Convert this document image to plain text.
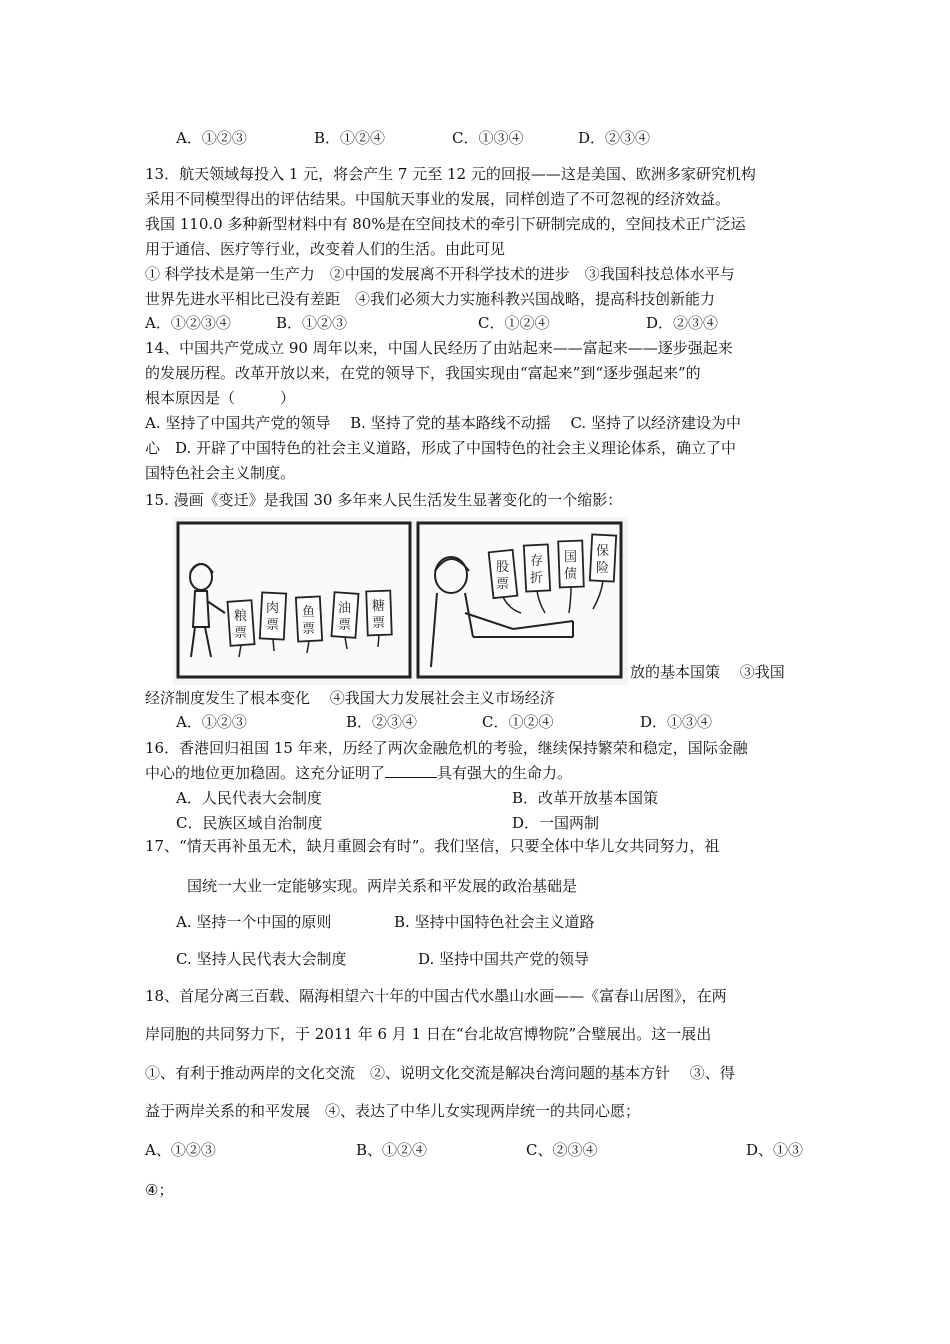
A．①②③	B．①②④	C．①③④	D．②③④
13．航天领域每投入 1 元，将会产生 7 元至 12 元的回报——这是美国、欧洲多家研究机构
采用不同模型得出的评估结果。中国航天事业的发展，同样创造了不可忽视的经济效益。
我国 110.0 多种新型材料中有 80%是在空间技术的牵引下研制完成的，空间技术正广泛运
用于通信、医疗等行业，改变着人们的生活。由此可见
① 科学技术是第一生产力　②中国的发展离不开科学技术的进步　③我国科技总体水平与
世界先进水平相比已没有差距　④我们必须大力实施科教兴国战略，提高科技创新能力
A．①②③④	B．①②③	C．①②④	D．②③④
14、中国共产党成立 90 周年以来，中国人民经历了由站起来——富起来——逐步强起来
的发展历程。改革开放以来，在党的领导下，我国实现由“富起来”到“逐步强起来”的
根本原因是（　　　）
A. 坚持了中国共产党的领导　 B. 坚持了党的基本路线不动摇　 C. 坚持了以经济建设为中
心　D. 开辟了中国特色的社会主义道路，形成了中国特色的社会主义理论体系，确立了中
国特色社会主义制度。
15. 漫画《变迁》是我国 30 多年来人民生活发生显著变化的一个缩影：
粮
票
肉
票
鱼
票
油
票
糖
票
股
票
存
折
国
债
保
险
放的基本国策　 ③我国
经济制度发生了根本变化　 ④我国大力发展社会主义市场经济
A．①②③	B．②③④	C．①②④	D．①③④
16．香港回归祖国 15 年来，历经了两次金融危机的考验，继续保持繁荣和稳定，国际金融
中心的地位更加稳固。这充分证明了	具有强大的生命力。
A．人民代表大会制度	B．改革开放基本国策
C．民族区域自治制度	D．一国两制
17、“情天再补虽无术，缺月重圆会有时”。我们坚信，只要全体中华儿女共同努力，祖
国统一大业一定能够实现。两岸关系和平发展的政治基础是
A. 坚持一个中国的原则	B. 坚持中国特色社会主义道路
C. 坚持人民代表大会制度	D. 坚持中国共产党的领导
18、首尾分离三百载、隔海相望六十年的中国古代水墨山水画——《富春山居图》，在两
岸同胞的共同努力下，于 2011 年 6 月 1 日在“台北故宫博物院”合璧展出。这一展出
①、有利于推动两岸的文化交流　②、说明文化交流是解决台湾问题的基本方针　 ③、得
益于两岸关系的和平发展　④、表达了中华儿女实现两岸统一的共同心愿；
A、①②③	B、①②④	C、②③④	D、①③
④；
